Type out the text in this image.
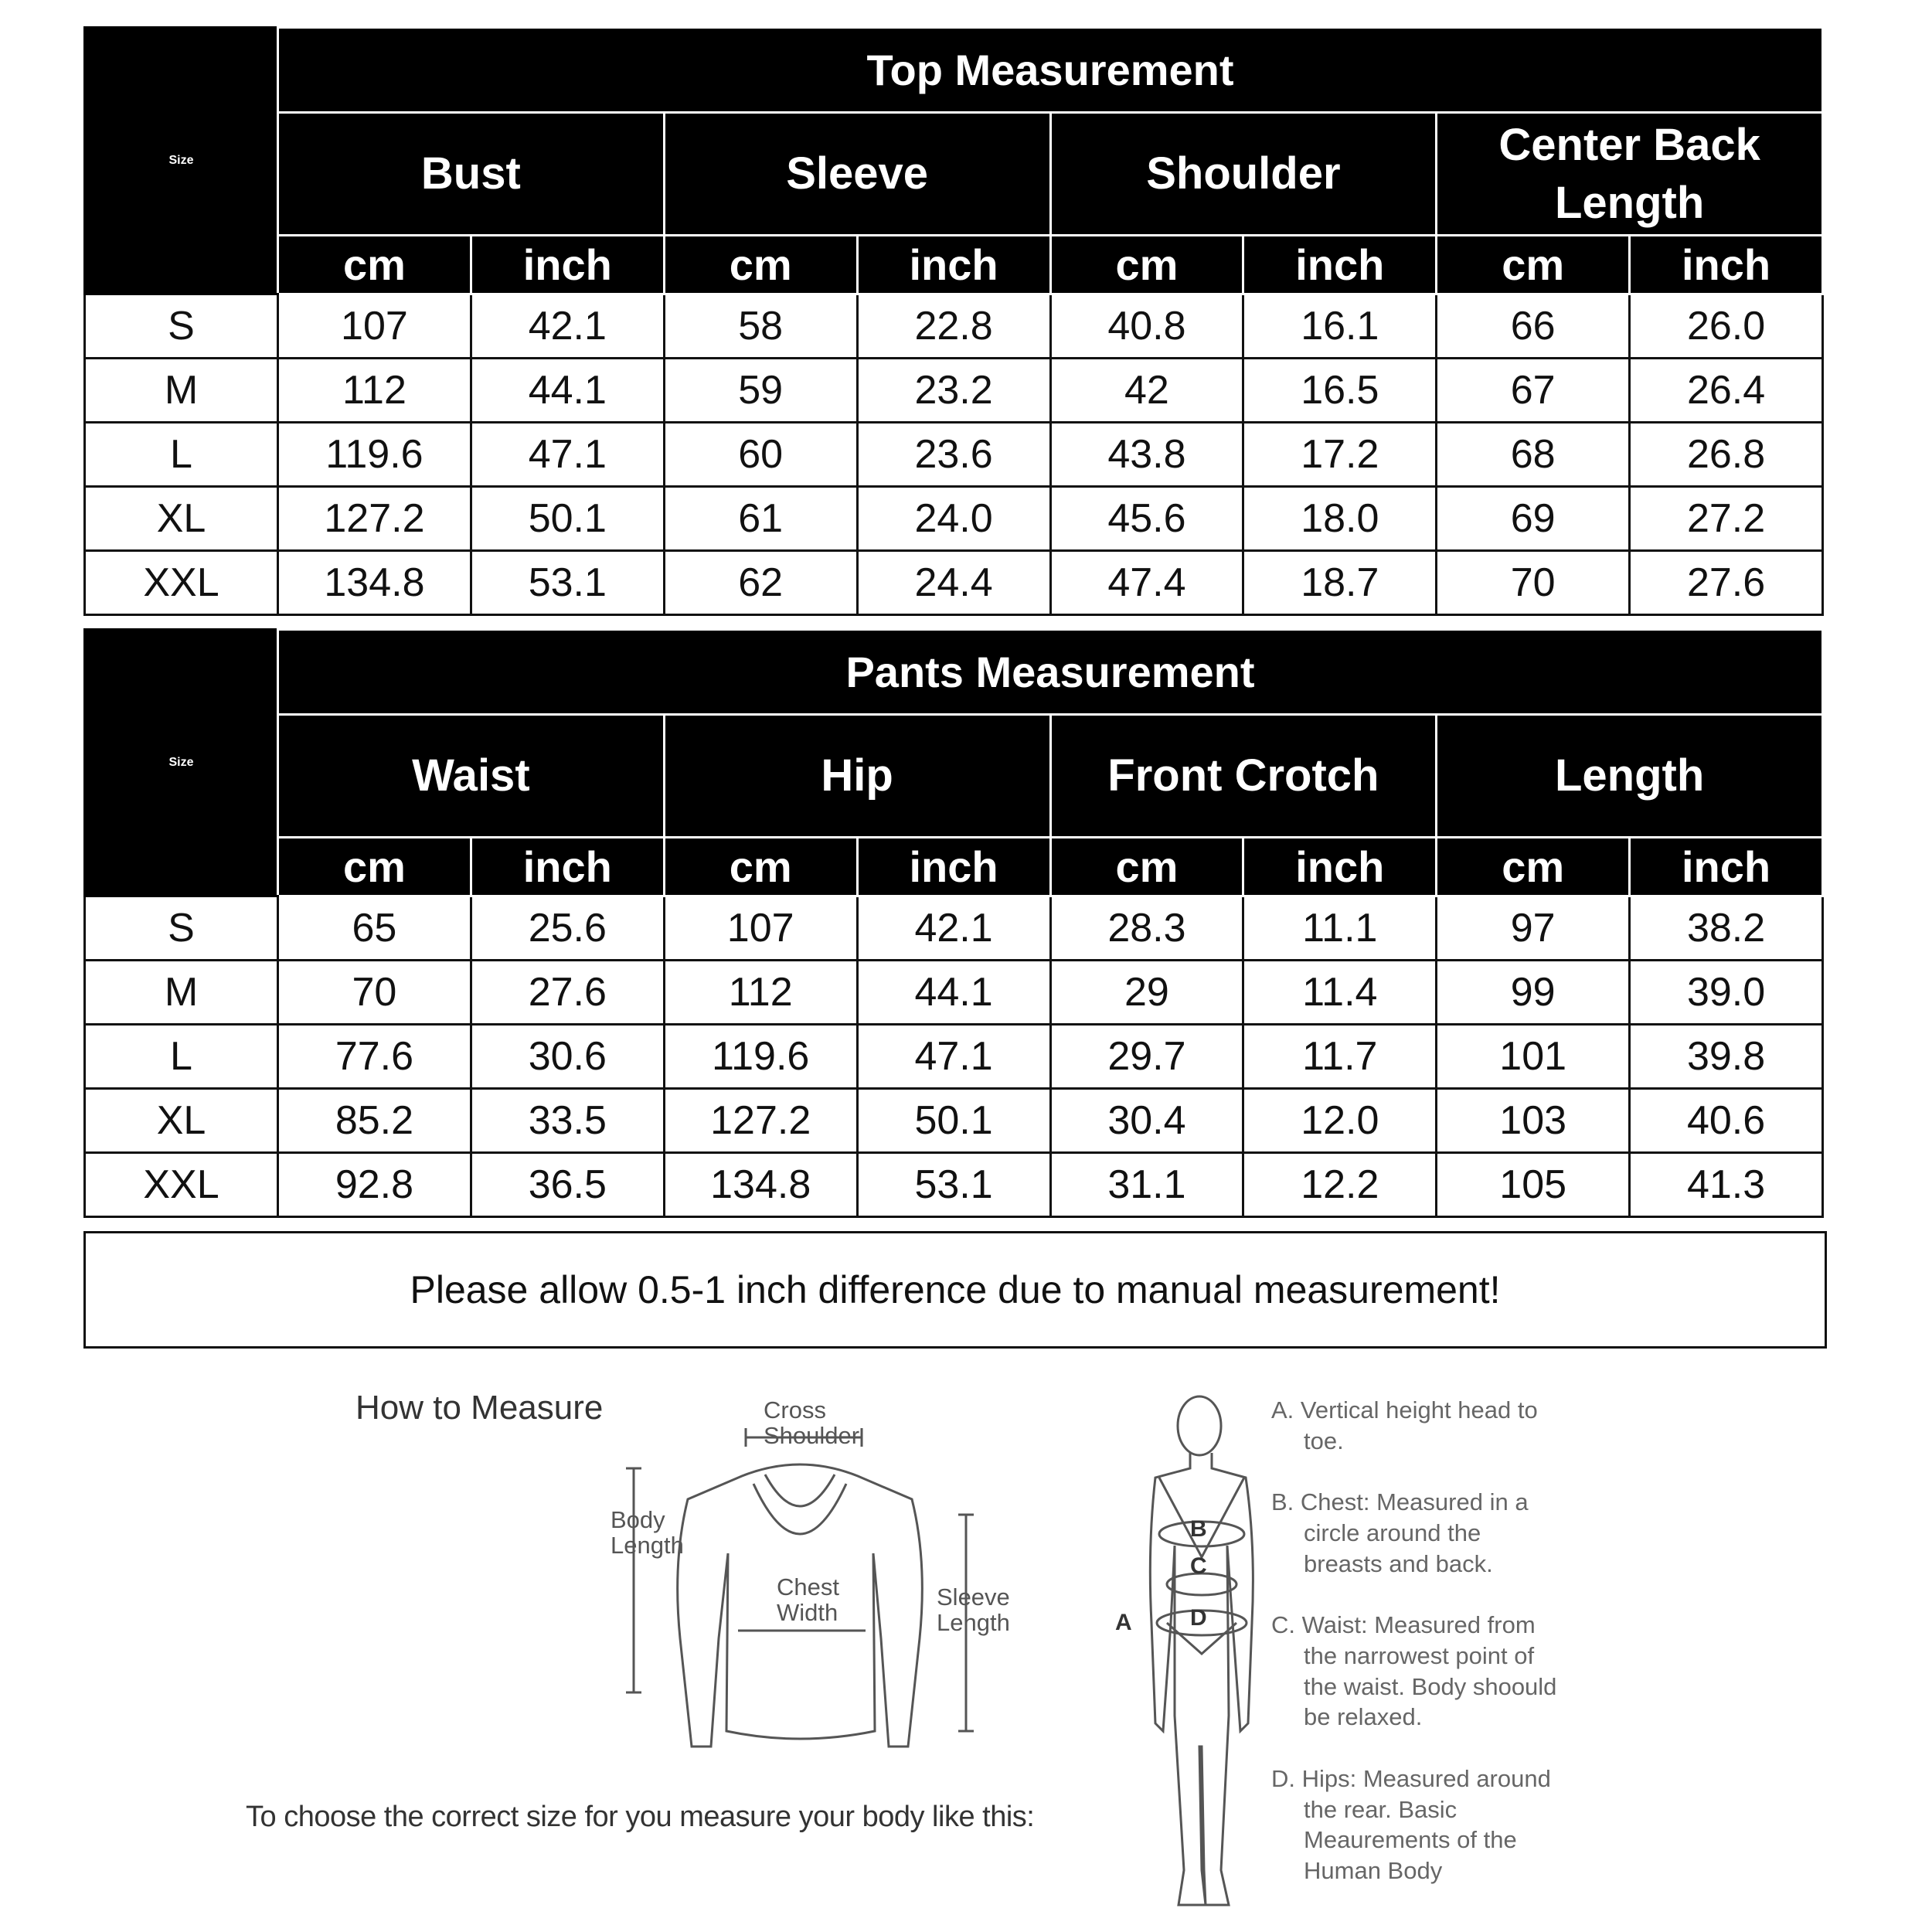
Size	Top Measurement							
	Bust		Sleeve		Shoulder		Center Back Length	
	cm	inch	cm	inch	cm	inch	cm	inch
S	107	42.1	58	22.8	40.8	16.1	66	26.0
M	112	44.1	59	23.2	42	16.5	67	26.4
L	119.6	47.1	60	23.6	43.8	17.2	68	26.8
XL	127.2	50.1	61	24.0	45.6	18.0	69	27.2
XXL	134.8	53.1	62	24.4	47.4	18.7	70	27.6
Size	Pants Measurement							
	Waist		Hip		Front Crotch		Length	
	cm	inch	cm	inch	cm	inch	cm	inch
S	65	25.6	107	42.1	28.3	11.1	97	38.2
M	70	27.6	112	44.1	29	11.4	99	39.0
L	77.6	30.6	119.6	47.1	29.7	11.7	101	39.8
XL	85.2	33.5	127.2	50.1	30.4	12.0	103	40.6
XXL	92.8	36.5	134.8	53.1	31.1	12.2	105	41.3
Please allow 0.5-1 inch difference due to manual measurement!
How to Measure	Cross Shoulder
Body Length
Chest Width
Sleeve Length	A
B
C
D
A. Vertical height head to toe.
B. Chest: Measured in a circle around the breasts and back.
C. Waist: Measured from the narrowest point of the waist. Body shoould be relaxed.
D. Hips: Measured around the rear. Basic Meaurements of the Human Body
To choose the correct size for you measure your body like this:
